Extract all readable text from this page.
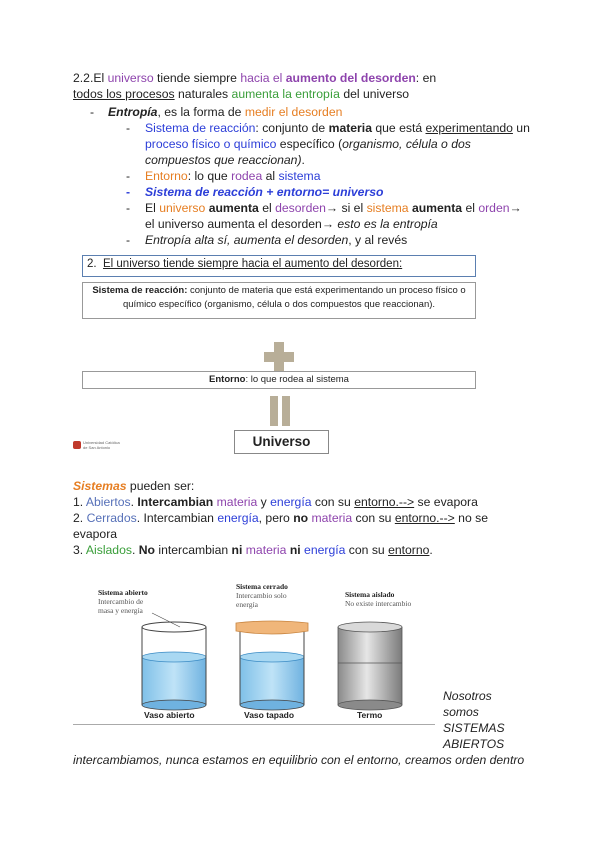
2.2.El universo tiende siempre hacia el aumento del desorden: en
todos los procesos naturales aumenta la entropía del universo
- Entropía, es la forma de medir el desorden
- Sistema de reacción: conjunto de materia que está experimentando un
proceso físico o químico específico (organismo, célula o dos
compuestos que reaccionan).
- Entorno: lo que rodea al sistema
- Sistema de reacción + entorno= universo
- El universo aumenta el desorden→ si el sistema aumenta el orden→
el universo aumenta el desorden→ esto es la entropía
- Entropía alta sí, aumenta el desorden, y al revés
2. El universo tiende siempre hacia el aumento del desorden:
Sistema de reacción: conjunto de materia que está experimentando un proceso físico o químico específico (organismo, célula o dos compuestos que reaccionan).
Entorno: lo que rodea al sistema
Universo
Universidad Católica de San Antonio
Sistemas pueden ser:
1. Abiertos. Intercambian materia y energía con su entorno.--> se evapora
2. Cerrados. Intercambian energía, pero no materia con su entorno.--> no se
evapora
3. Aislados. No intercambian ni materia ni energía con su entorno.
Sistema abierto
Intercambio de
masa y energía
Sistema cerrado
Intercambio solo
energía
Sistema aislado
No existe intercambio
Vaso abierto	Vaso tapado	Termo
Nosotros
somos
SISTEMAS
ABIERTOS
intercambiamos, nunca estamos en equilibrio con el entorno, creamos orden dentro
